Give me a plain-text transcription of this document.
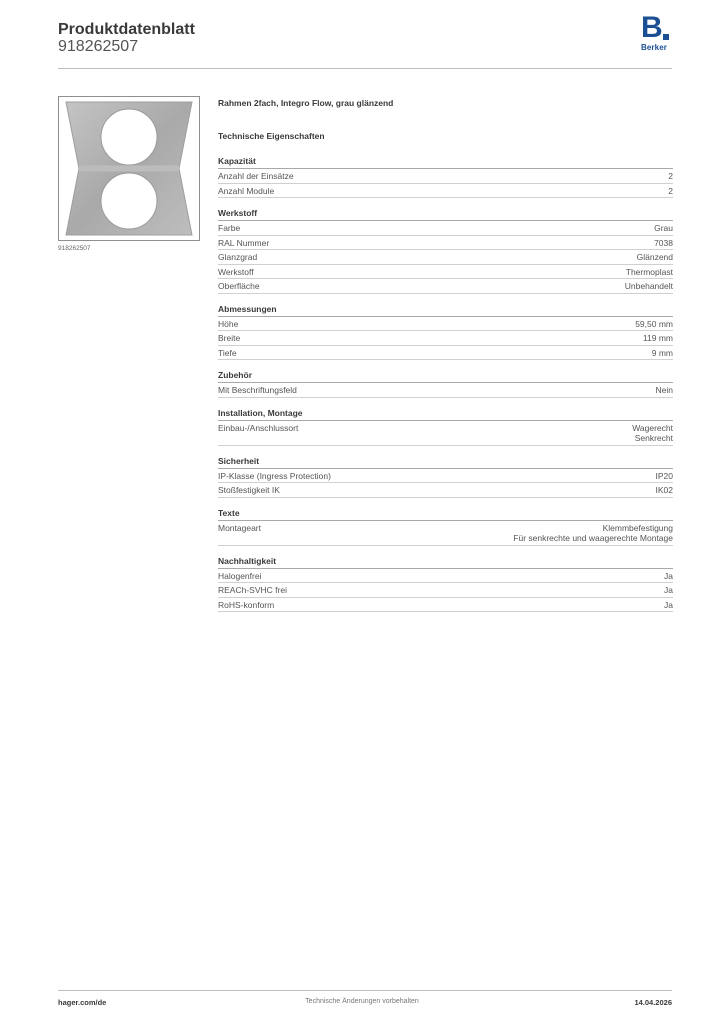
Produktdatenblatt
918262507
B
Berker
918262507
Rahmen 2fach, Integro Flow, grau glänzend
Technische Eigenschaften
Kapazität
Anzahl der Einsätze	2
Anzahl Module	2
Werkstoff
Farbe	Grau
RAL Nummer	7038
Glanzgrad	Glänzend
Werkstoff	Thermoplast
Oberfläche	Unbehandelt
Abmessungen
Höhe	59,50 mm
Breite	119 mm
Tiefe	9 mm
Zubehör
Mit Beschriftungsfeld	Nein
Installation, Montage
Einbau-/Anschlussort	Wagerecht
Senkrecht
Sicherheit
IP-Klasse (Ingress Protection)	IP20
Stoßfestigkeit IK	IK02
Texte
Montageart	Klemmbefestigung
Für senkrechte und waagerechte Montage
Nachhaltigkeit
Halogenfrei	Ja
REACh-SVHC frei	Ja
RoHS-konform	Ja
hager.com/de	Technische Änderungen vorbehalten	14.04.2026
